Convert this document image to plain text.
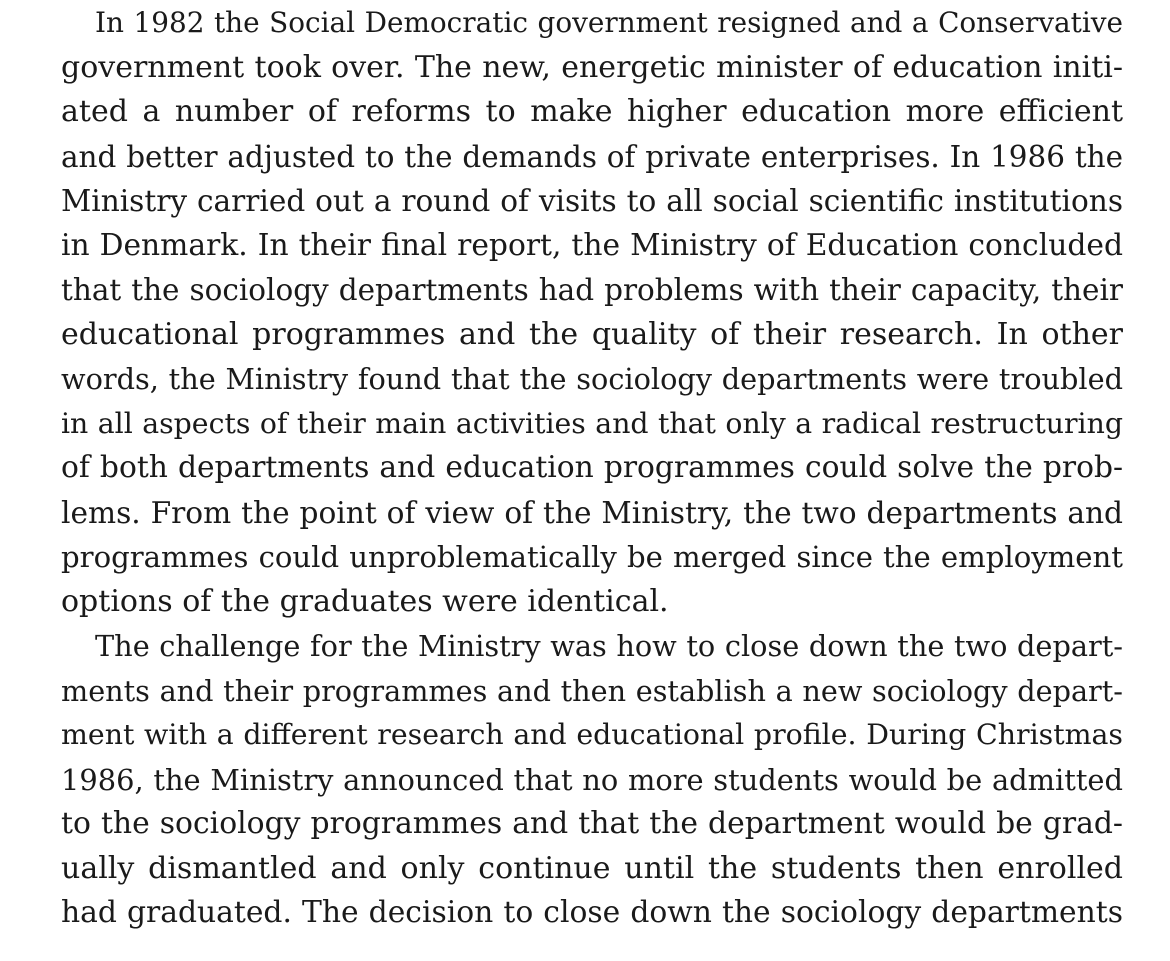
In 1982 the Social Democratic government resigned and a Conservative
government took over. The new, energetic minister of education initi-
ated a number of reforms to make higher education more efficient
and better adjusted to the demands of private enterprises. In 1986 the
Ministry carried out a round of visits to all social scientific institutions
in Denmark. In their final report, the Ministry of Education concluded
that the sociology departments had problems with their capacity, their
educational programmes and the quality of their research. In other
words, the Ministry found that the sociology departments were troubled
in all aspects of their main activities and that only a radical restructuring
of both departments and education programmes could solve the prob-
lems. From the point of view of the Ministry, the two departments and
programmes could unproblematically be merged since the employment
options of the graduates were identical.
The challenge for the Ministry was how to close down the two depart-
ments and their programmes and then establish a new sociology depart-
ment with a different research and educational profile. During Christmas
1986, the Ministry announced that no more students would be admitted
to the sociology programmes and that the department would be grad-
ually dismantled and only continue until the students then enrolled
had graduated. The decision to close down the sociology departments
